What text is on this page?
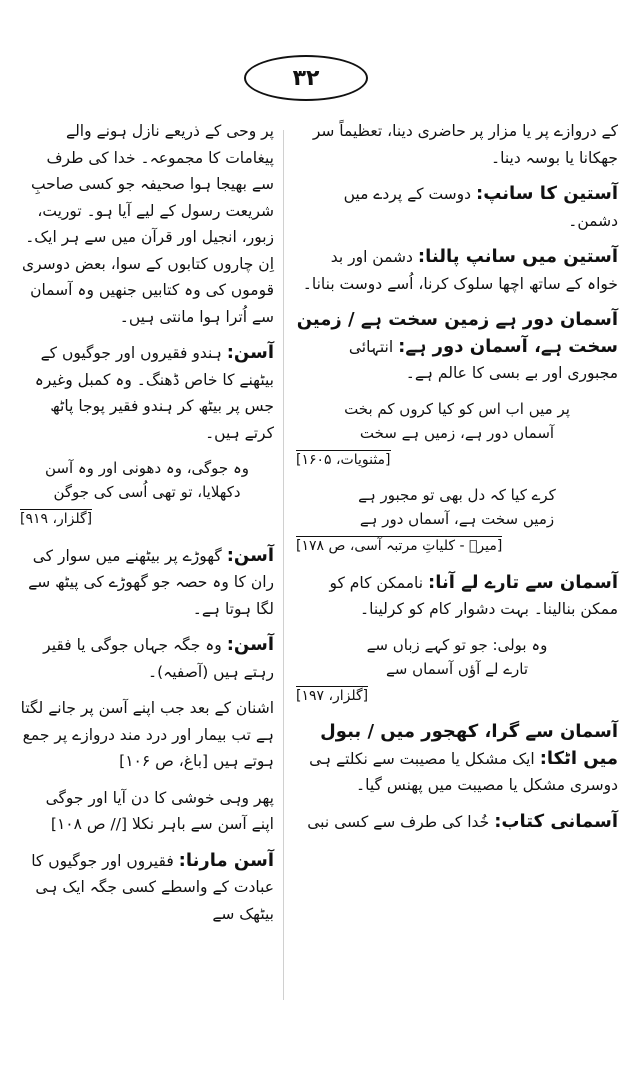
۳۲
کے دروازے پر یا مزار پر حاضری دینا، تعظیماً سر جھکانا یا بوسہ دینا۔
آستین کا سانپ: دوست کے پردے میں دشمن۔
آستین میں سانپ پالنا: دشمن اور بد خواہ کے ساتھ اچھا سلوک کرنا، اُسے دوست بنانا۔
آسمان دور ہے زمین سخت ہے / زمین سخت ہے، آسمان دور ہے: انتہائی مجبوری اور بے بسی کا عالم ہے۔
پر میں اب اس کو کیا کروں کم بخت
آسماں دور ہے، زمیں ہے سخت
[مثنویات، ۱۶۰۵]
کرے کیا کہ دل بھی تو مجبور ہے
زمیں سخت ہے، آسماں دور ہے
[میرؔ - کلیاتِ مرتبہ آسی، ص ۱۷۸]
آسمان سے تارے لے آنا: ناممکن کام کو ممکن بنالینا۔ بہت دشوار کام کو کرلینا۔
وہ بولی: جو تو کہے زباں سے
تارے لے آؤں آسماں سے
[گلزار، ۱۹۷]
آسمان سے گرا، کھجور میں / ببول میں اٹکا: ایک مشکل یا مصیبت سے نکلتے ہی دوسری مشکل یا مصیبت میں پھنس گیا۔
آسمانی کتاب: خُدا کی طرف سے کسی نبی
پر وحی کے ذریعے نازل ہونے والے پیغامات کا مجموعہ۔ خدا کی طرف سے بھیجا ہوا صحیفہ جو کسی صاحبِ شریعت رسول کے لیے آیا ہو۔ توریت، زبور، انجیل اور قرآن میں سے ہر ایک۔ اِن چاروں کتابوں کے سوا، بعض دوسری قوموں کی وہ کتابیں جنھیں وہ آسمان سے اُترا ہوا مانتی ہیں۔
آسن: ہندو فقیروں اور جوگیوں کے بیٹھنے کا خاص ڈھنگ۔ وہ کمبل وغیرہ جس پر بیٹھ کر ہندو فقیر پوجا پاٹھ کرتے ہیں۔
وہ جوگی، وہ دھونی اور وہ آسن
دکھلایا، تو تھی اُسی کی جوگن
[گلزار، ۹۱۹]
آسن: گھوڑے پر بیٹھنے میں سوار کی ران کا وہ حصہ جو گھوڑے کی پیٹھ سے لگا ہوتا ہے۔
آسن: وہ جگہ جہاں جوگی یا فقیر رہتے ہیں (آصفیہ)۔
اشنان کے بعد جب اپنے آسن پر جانے لگتا ہے تب بیمار اور درد مند دروازے پر جمع ہوتے ہیں [باغ، ص ۱۰۶]
پھر وہی خوشی کا دن آیا اور جوگی اپنے آسن سے باہر نکلا [// ص ۱۰۸]
آسن مارنا: فقیروں اور جوگیوں کا عبادت کے واسطے کسی جگہ ایک ہی بیٹھک سے
